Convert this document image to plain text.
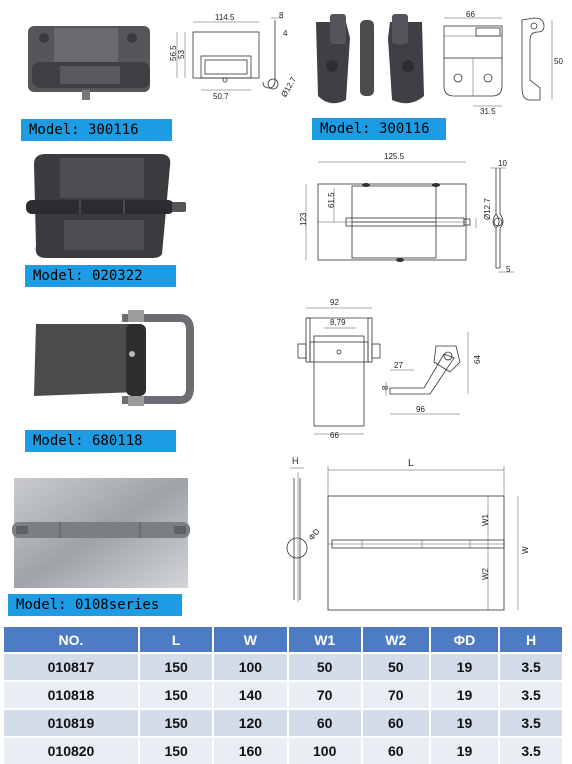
114.5
56.5 53
50.7
8
4
Ø12.7
66
50
31.5
Model: 300116	Model: 300116
125.5
61.5
123	Ø12.7
10
5
Model: 020322
92
8,79
66
27
8
64
96
Model: 680118
L
H
ΦD
W1
W
W2
Model: 0108series
NO.	L	W	W1	W2	ΦD	H
010817	150	100	50	50	19	3.5
010818	150	140	70	70	19	3.5
010819	150	120	60	60	19	3.5
010820	150	160	100	60	19	3.5
